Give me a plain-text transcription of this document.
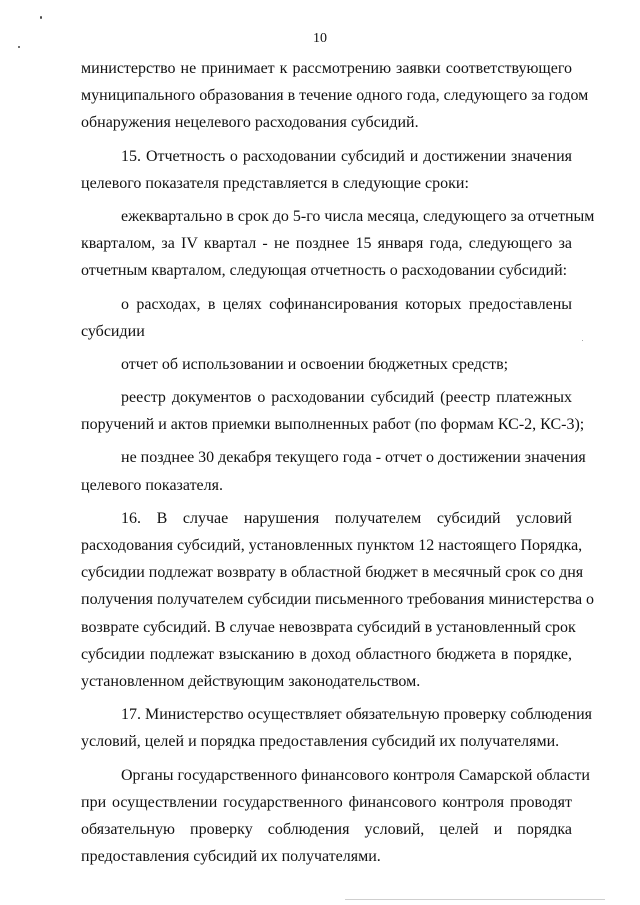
10
министерство не принимает к рассмотрению заявки соответствующего
муниципального образования в течение одного года, следующего за годом
обнаружения нецелевого расходования субсидий.
15. Отчетность о расходовании субсидий и достижении значения
целевого показателя представляется в следующие сроки:
ежеквартально в срок до 5-го числа месяца, следующего за отчетным
кварталом, за IV квартал - не позднее 15 января года, следующего за
отчетным кварталом, следующая отчетность о расходовании субсидий:
о расходах, в целях софинансирования которых предоставлены
субсидии
отчет об использовании и освоении бюджетных средств;
реестр документов о расходовании субсидий (реестр платежных
поручений и актов приемки выполненных работ (по формам КС-2, КС-3);
не позднее 30 декабря текущего года - отчет о достижении значения
целевого показателя.
16. В случае нарушения получателем субсидий условий
расходования субсидий, установленных пунктом 12 настоящего Порядка,
субсидии подлежат возврату в областной бюджет в месячный срок со дня
получения получателем субсидии письменного требования министерства о
возврате субсидий. В случае невозврата субсидий в установленный срок
субсидии подлежат взысканию в доход областного бюджета в порядке,
установленном действующим законодательством.
17. Министерство осуществляет обязательную проверку соблюдения
условий, целей и порядка предоставления субсидий их получателями.
Органы государственного финансового контроля Самарской области
при осуществлении государственного финансового контроля проводят
обязательную проверку соблюдения условий, целей и порядка
предоставления субсидий их получателями.
